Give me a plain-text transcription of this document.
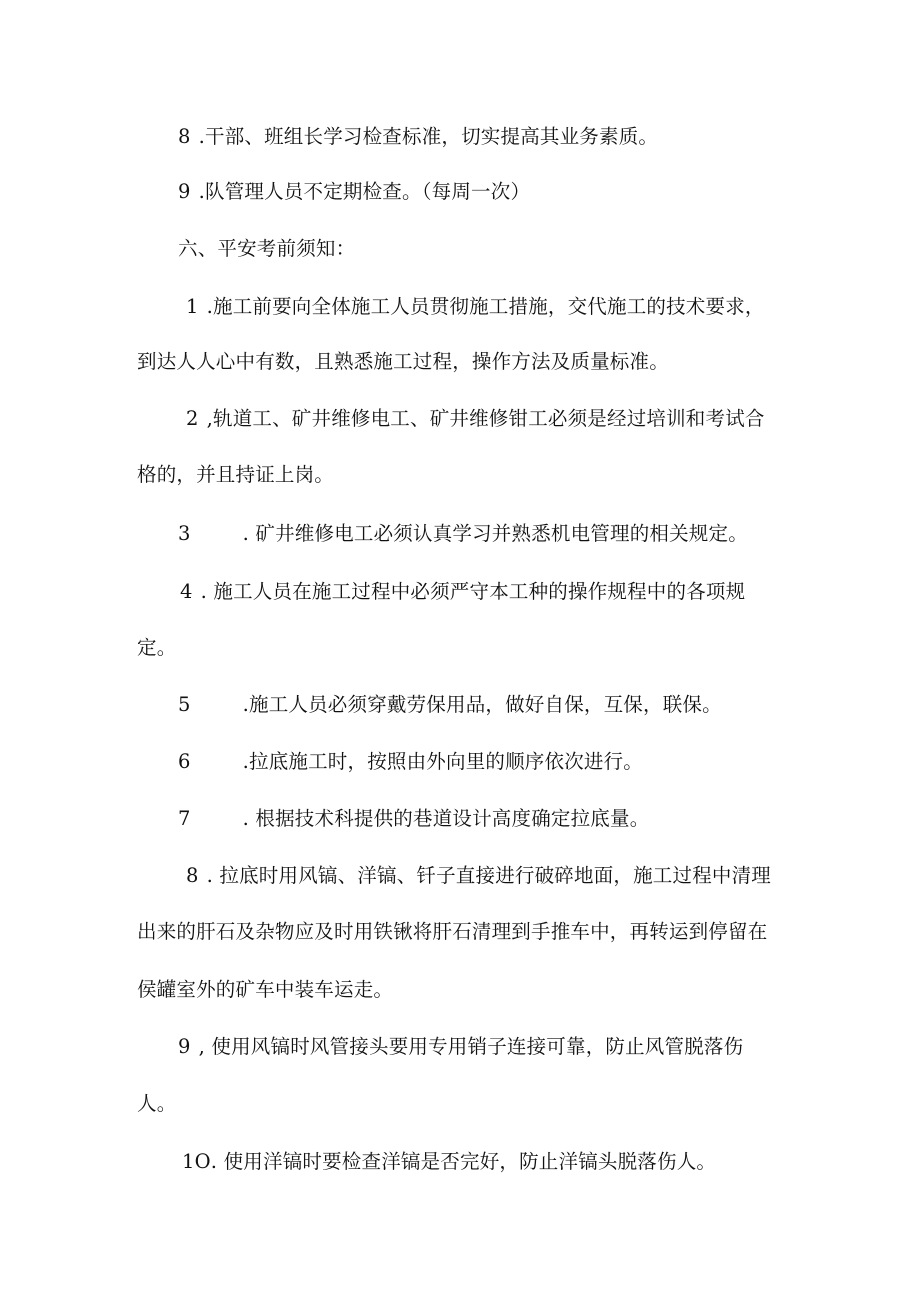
8 .干部、班组长学习检查标准，切实提高其业务素质。
9 .队管理人员不定期检查。（每周一次）
六、平安考前须知：
1 .施工前要向全体施工人员贯彻施工措施，交代施工的技术要求，
到达人人心中有数，且熟悉施工过程，操作方法及质量标准。
2 ,轨道工、矿井维修电工、矿井维修钳工必须是经过培训和考试合
格的，并且持证上岗。
3	. 矿井维修电工必须认真学习并熟悉机电管理的相关规定。
4 . 施工人员在施工过程中必须严守本工种的操作规程中的各项规
定。
5	.施工人员必须穿戴劳保用品，做好自保，互保，联保。
6	.拉底施工时，按照由外向里的顺序依次进行。
7	. 根据技术科提供的巷道设计高度确定拉底量。
8 . 拉底时用风镐、洋镐、钎子直接进行破碎地面，施工过程中清理
出来的肝石及杂物应及时用铁锹将肝石清理到手推车中，再转运到停留在
侯罐室外的矿车中装车运走。
9 , 使用风镐时风管接头要用专用销子连接可靠，防止风管脱落伤
人。
1O. 使用洋镐时要检查洋镐是否完好，防止洋镐头脱落伤人。
